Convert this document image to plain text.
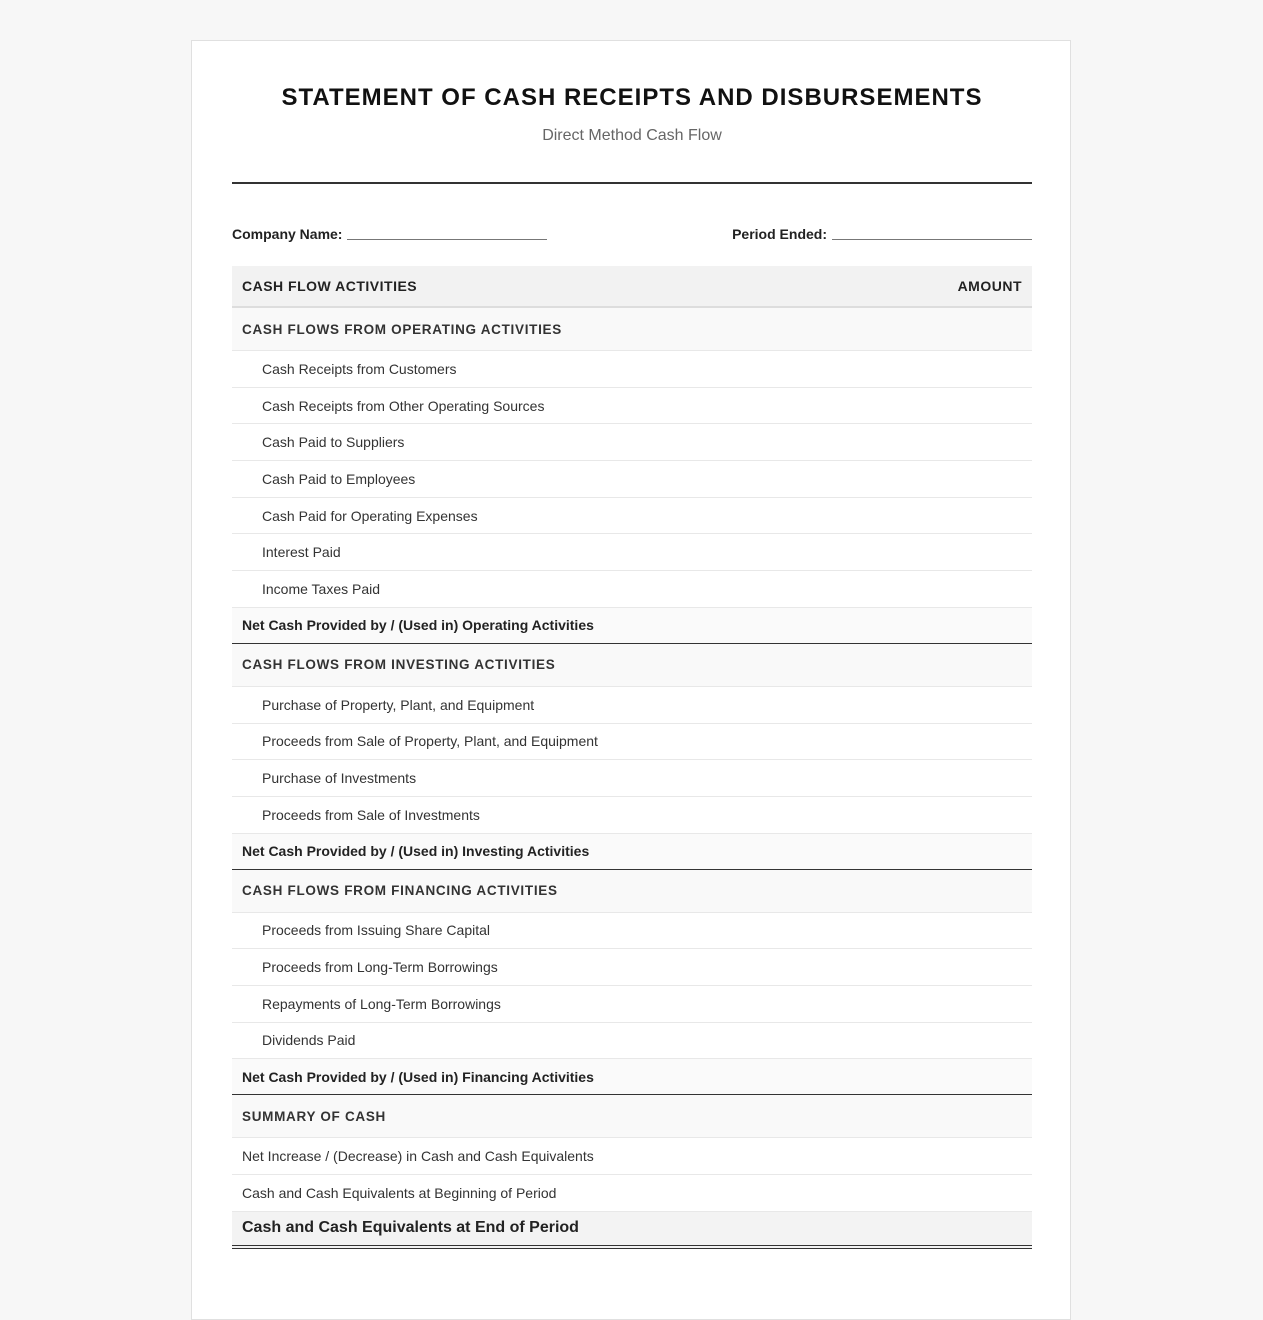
STATEMENT OF CASH RECEIPTS AND DISBURSEMENTS
Direct Method Cash Flow
Company Name:	Period Ended:
CASH FLOW ACTIVITIES	AMOUNT
CASH FLOWS FROM OPERATING ACTIVITIES
Cash Receipts from Customers
Cash Receipts from Other Operating Sources
Cash Paid to Suppliers
Cash Paid to Employees
Cash Paid for Operating Expenses
Interest Paid
Income Taxes Paid
Net Cash Provided by / (Used in) Operating Activities
CASH FLOWS FROM INVESTING ACTIVITIES
Purchase of Property, Plant, and Equipment
Proceeds from Sale of Property, Plant, and Equipment
Purchase of Investments
Proceeds from Sale of Investments
Net Cash Provided by / (Used in) Investing Activities
CASH FLOWS FROM FINANCING ACTIVITIES
Proceeds from Issuing Share Capital
Proceeds from Long-Term Borrowings
Repayments of Long-Term Borrowings
Dividends Paid
Net Cash Provided by / (Used in) Financing Activities
SUMMARY OF CASH
Net Increase / (Decrease) in Cash and Cash Equivalents
Cash and Cash Equivalents at Beginning of Period
Cash and Cash Equivalents at End of Period
